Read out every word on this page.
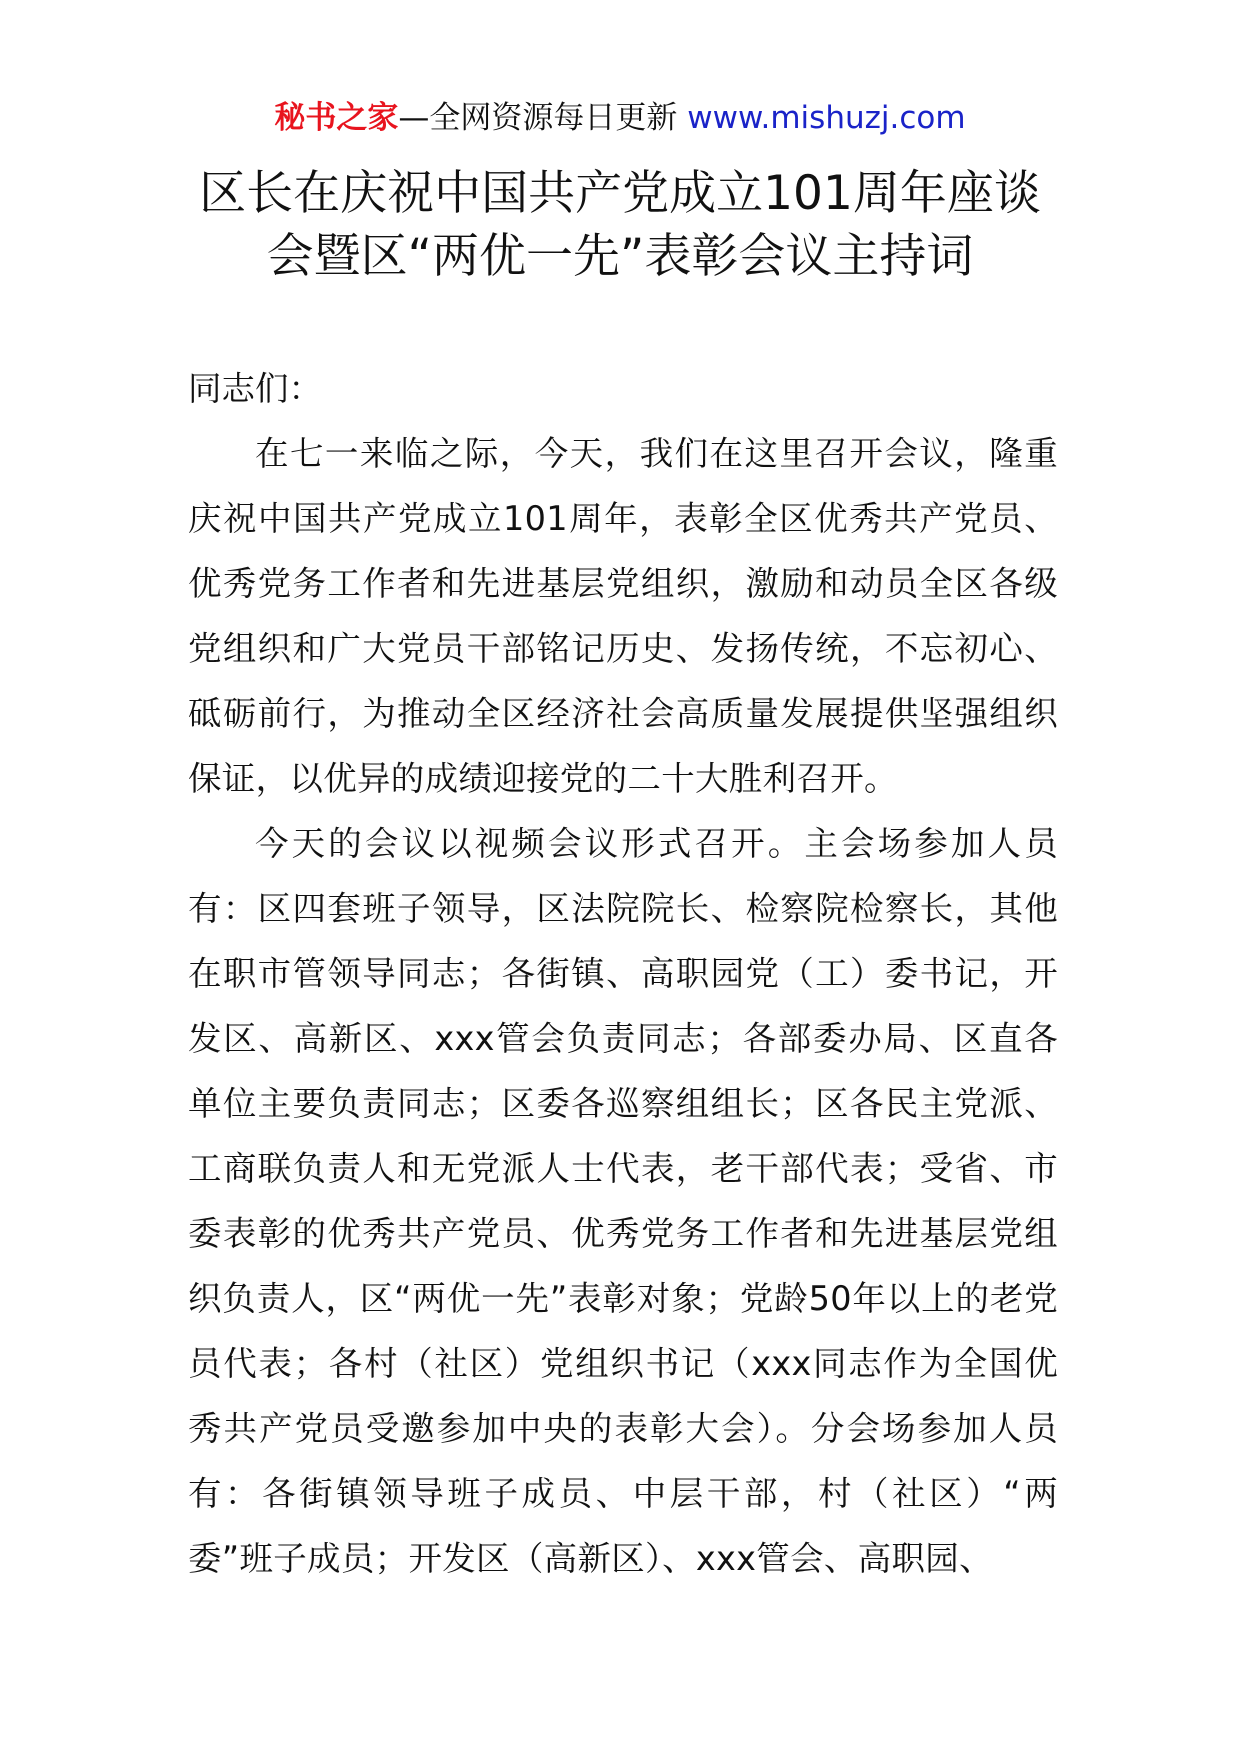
秘书之家—全网资源每日更新 www.mishuzj.com
区长在庆祝中国共产党成立101周年座谈
会暨区“两优一先”表彰会议主持词

同志们：

在七一来临之际，今天，我们在这里召开会议，隆重庆祝中国共产党成立101周年，表彰全区优秀共产党员、优秀党务工作者和先进基层党组织，激励和动员全区各级党组织和广大党员干部铭记历史、发扬传统，不忘初心、砥砺前行，为推动全区经济社会高质量发展提供坚强组织保证，以优异的成绩迎接党的二十大胜利召开。

今天的会议以视频会议形式召开。主会场参加人员有：区四套班子领导，区法院院长、检察院检察长，其他在职市管领导同志；各街镇、高职园党（工）委书记，开发区、高新区、xxx管会负责同志；各部委办局、区直各单位主要负责同志；区委各巡察组组长；区各民主党派、工商联负责人和无党派人士代表，老干部代表；受省、市委表彰的优秀共产党员、优秀党务工作者和先进基层党组织负责人，区“两优一先”表彰对象；党龄50年以上的老党员代表；各村（社区）党组织书记（xxx同志作为全国优秀共产党员受邀参加中央的表彰大会）。分会场参加人员有：各街镇领导班子成员、中层干部，村（社区）“两委”班子成员；开发区（高新区）、xxx管会、高职园、
